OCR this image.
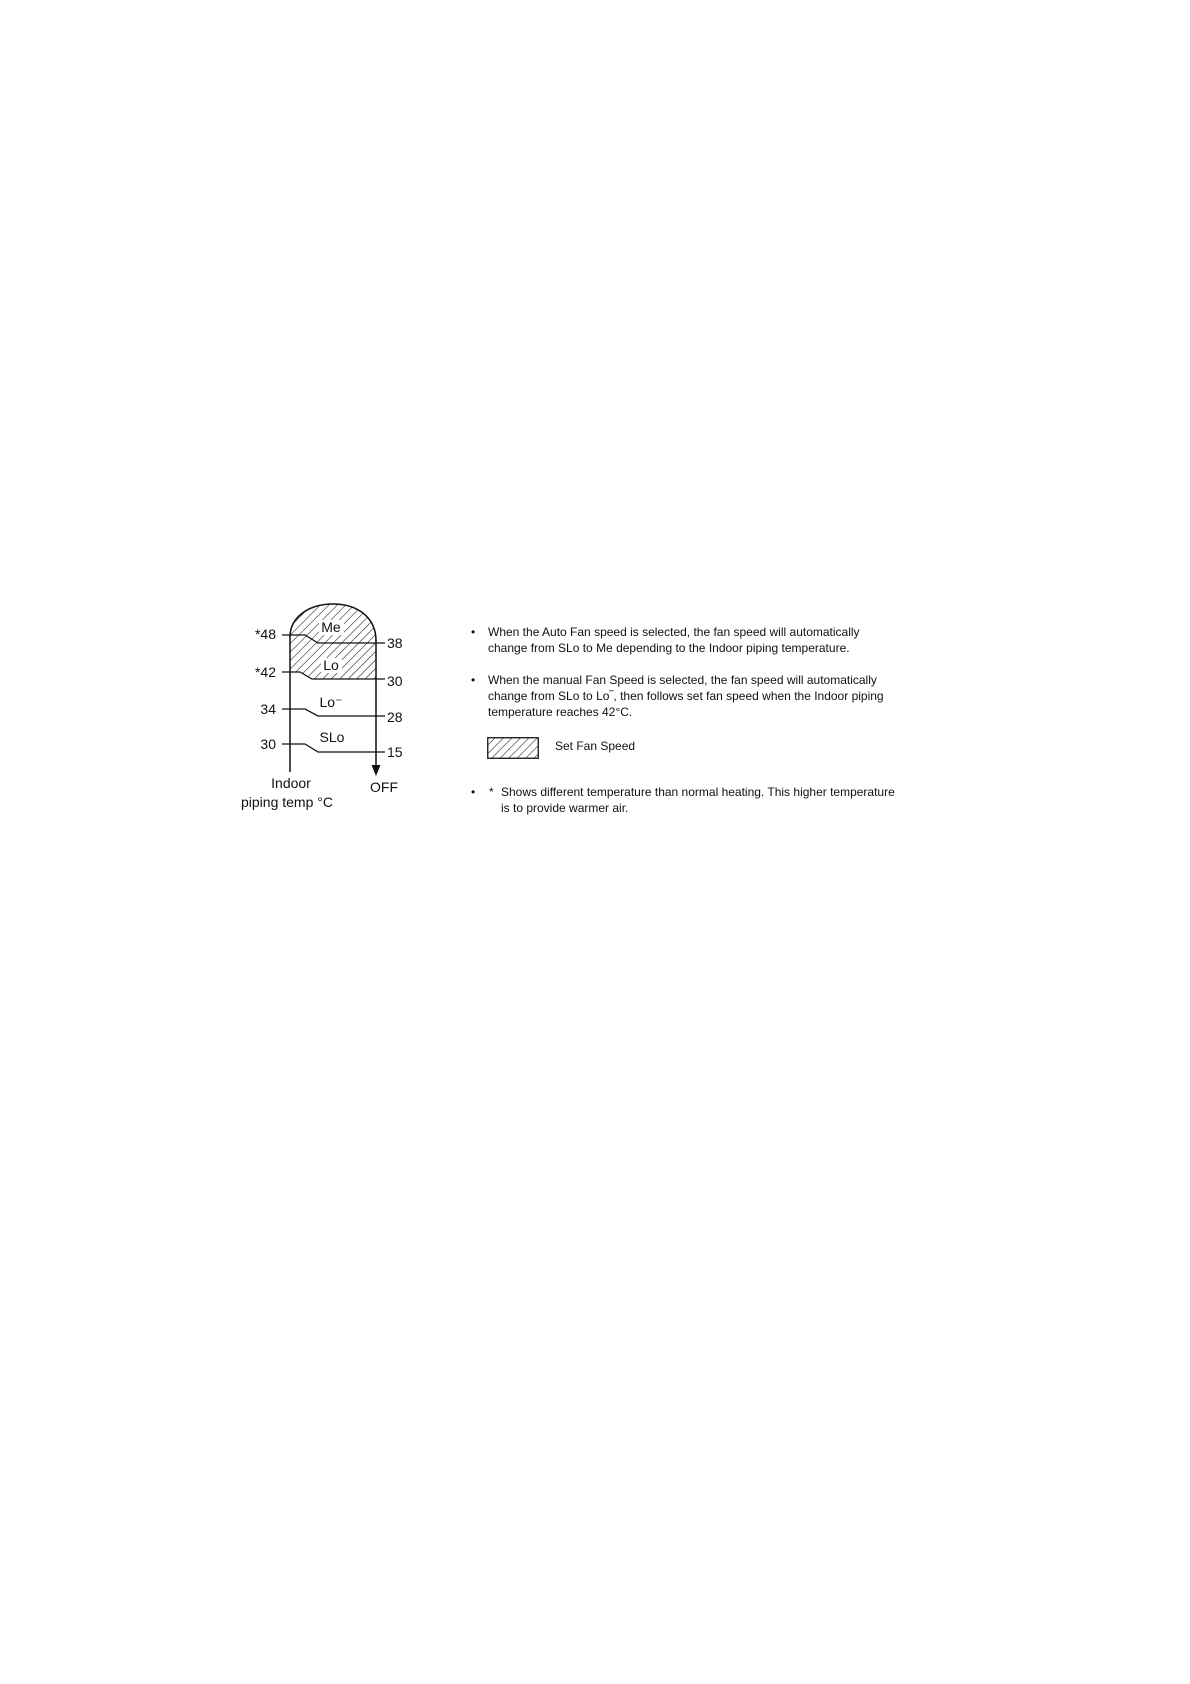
Me
Lo
Lo⁻
SLo
*48
*42
34
30
38
30
28
15
Indoor
piping temp °C
OFF
• When the Auto Fan speed is selected, the fan speed will automatically
change from SLo to Me depending to the Indoor piping temperature.
• When the manual Fan Speed is selected, the fan speed will automatically
change from SLo to Lo‾, then follows set fan speed when the Indoor piping
temperature reaches 42°C.
Set Fan Speed
• * Shows different temperature than normal heating. This higher temperature
is to provide warmer air.
